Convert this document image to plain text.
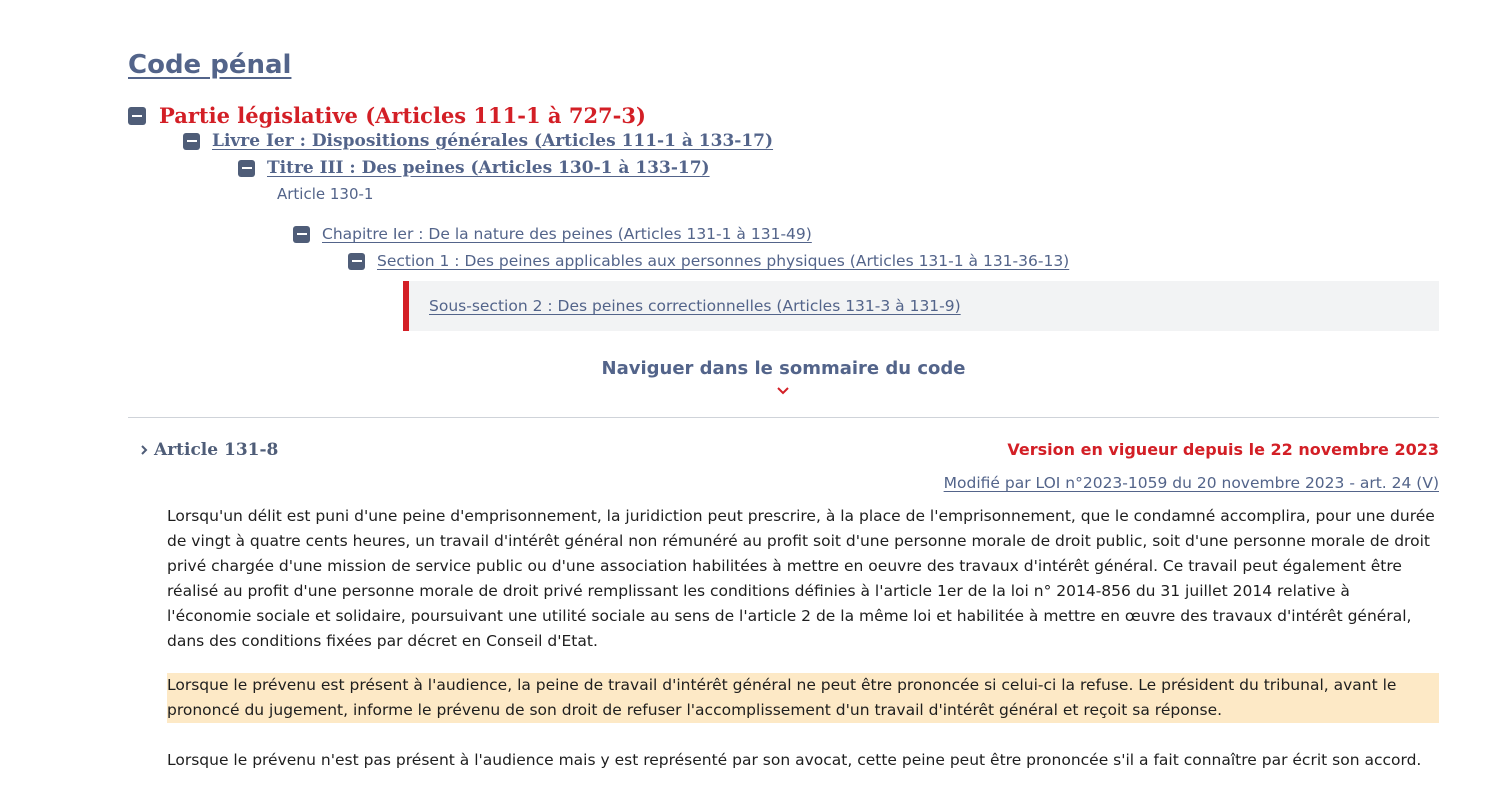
Code pénal
Partie législative (Articles 111-1 à 727-3)
Livre Ier : Dispositions générales (Articles 111-1 à 133-17)
Titre III : Des peines (Articles 130-1 à 133-17)
Article 130-1
Chapitre Ier : De la nature des peines (Articles 131-1 à 131-49)
Section 1 : Des peines applicables aux personnes physiques (Articles 131-1 à 131-36-13)
Sous-section 2 : Des peines correctionnelles (Articles 131-3 à 131-9)
Naviguer dans le sommaire du code
Article 131-8	Version en vigueur depuis le 22 novembre 2023
Modifié par LOI n°2023-1059 du 20 novembre 2023 - art. 24 (V)

Lorsqu'un délit est puni d'une peine d'emprisonnement, la juridiction peut prescrire, à la place de l'emprisonnement, que le condamné accomplira, pour une durée de vingt à quatre cents heures, un travail d'intérêt général non rémunéré au profit soit d'une personne morale de droit public, soit d'une personne morale de droit privé chargée d'une mission de service public ou d'une association habilitées à mettre en oeuvre des travaux d'intérêt général. Ce travail peut également être réalisé au profit d'une personne morale de droit privé remplissant les conditions définies à l'article 1er de la loi n° 2014-856 du 31 juillet 2014 relative à l'économie sociale et solidaire, poursuivant une utilité sociale au sens de l'article 2 de la même loi et habilitée à mettre en œuvre des travaux d'intérêt général, dans des conditions fixées par décret en Conseil d'Etat.

Lorsque le prévenu est présent à l'audience, la peine de travail d'intérêt général ne peut être prononcée si celui-ci la refuse. Le président du tribunal, avant le prononcé du jugement, informe le prévenu de son droit de refuser l'accomplissement d'un travail d'intérêt général et reçoit sa réponse.

Lorsque le prévenu n'est pas présent à l'audience mais y est représenté par son avocat, cette peine peut être prononcée s'il a fait connaître par écrit son accord.
